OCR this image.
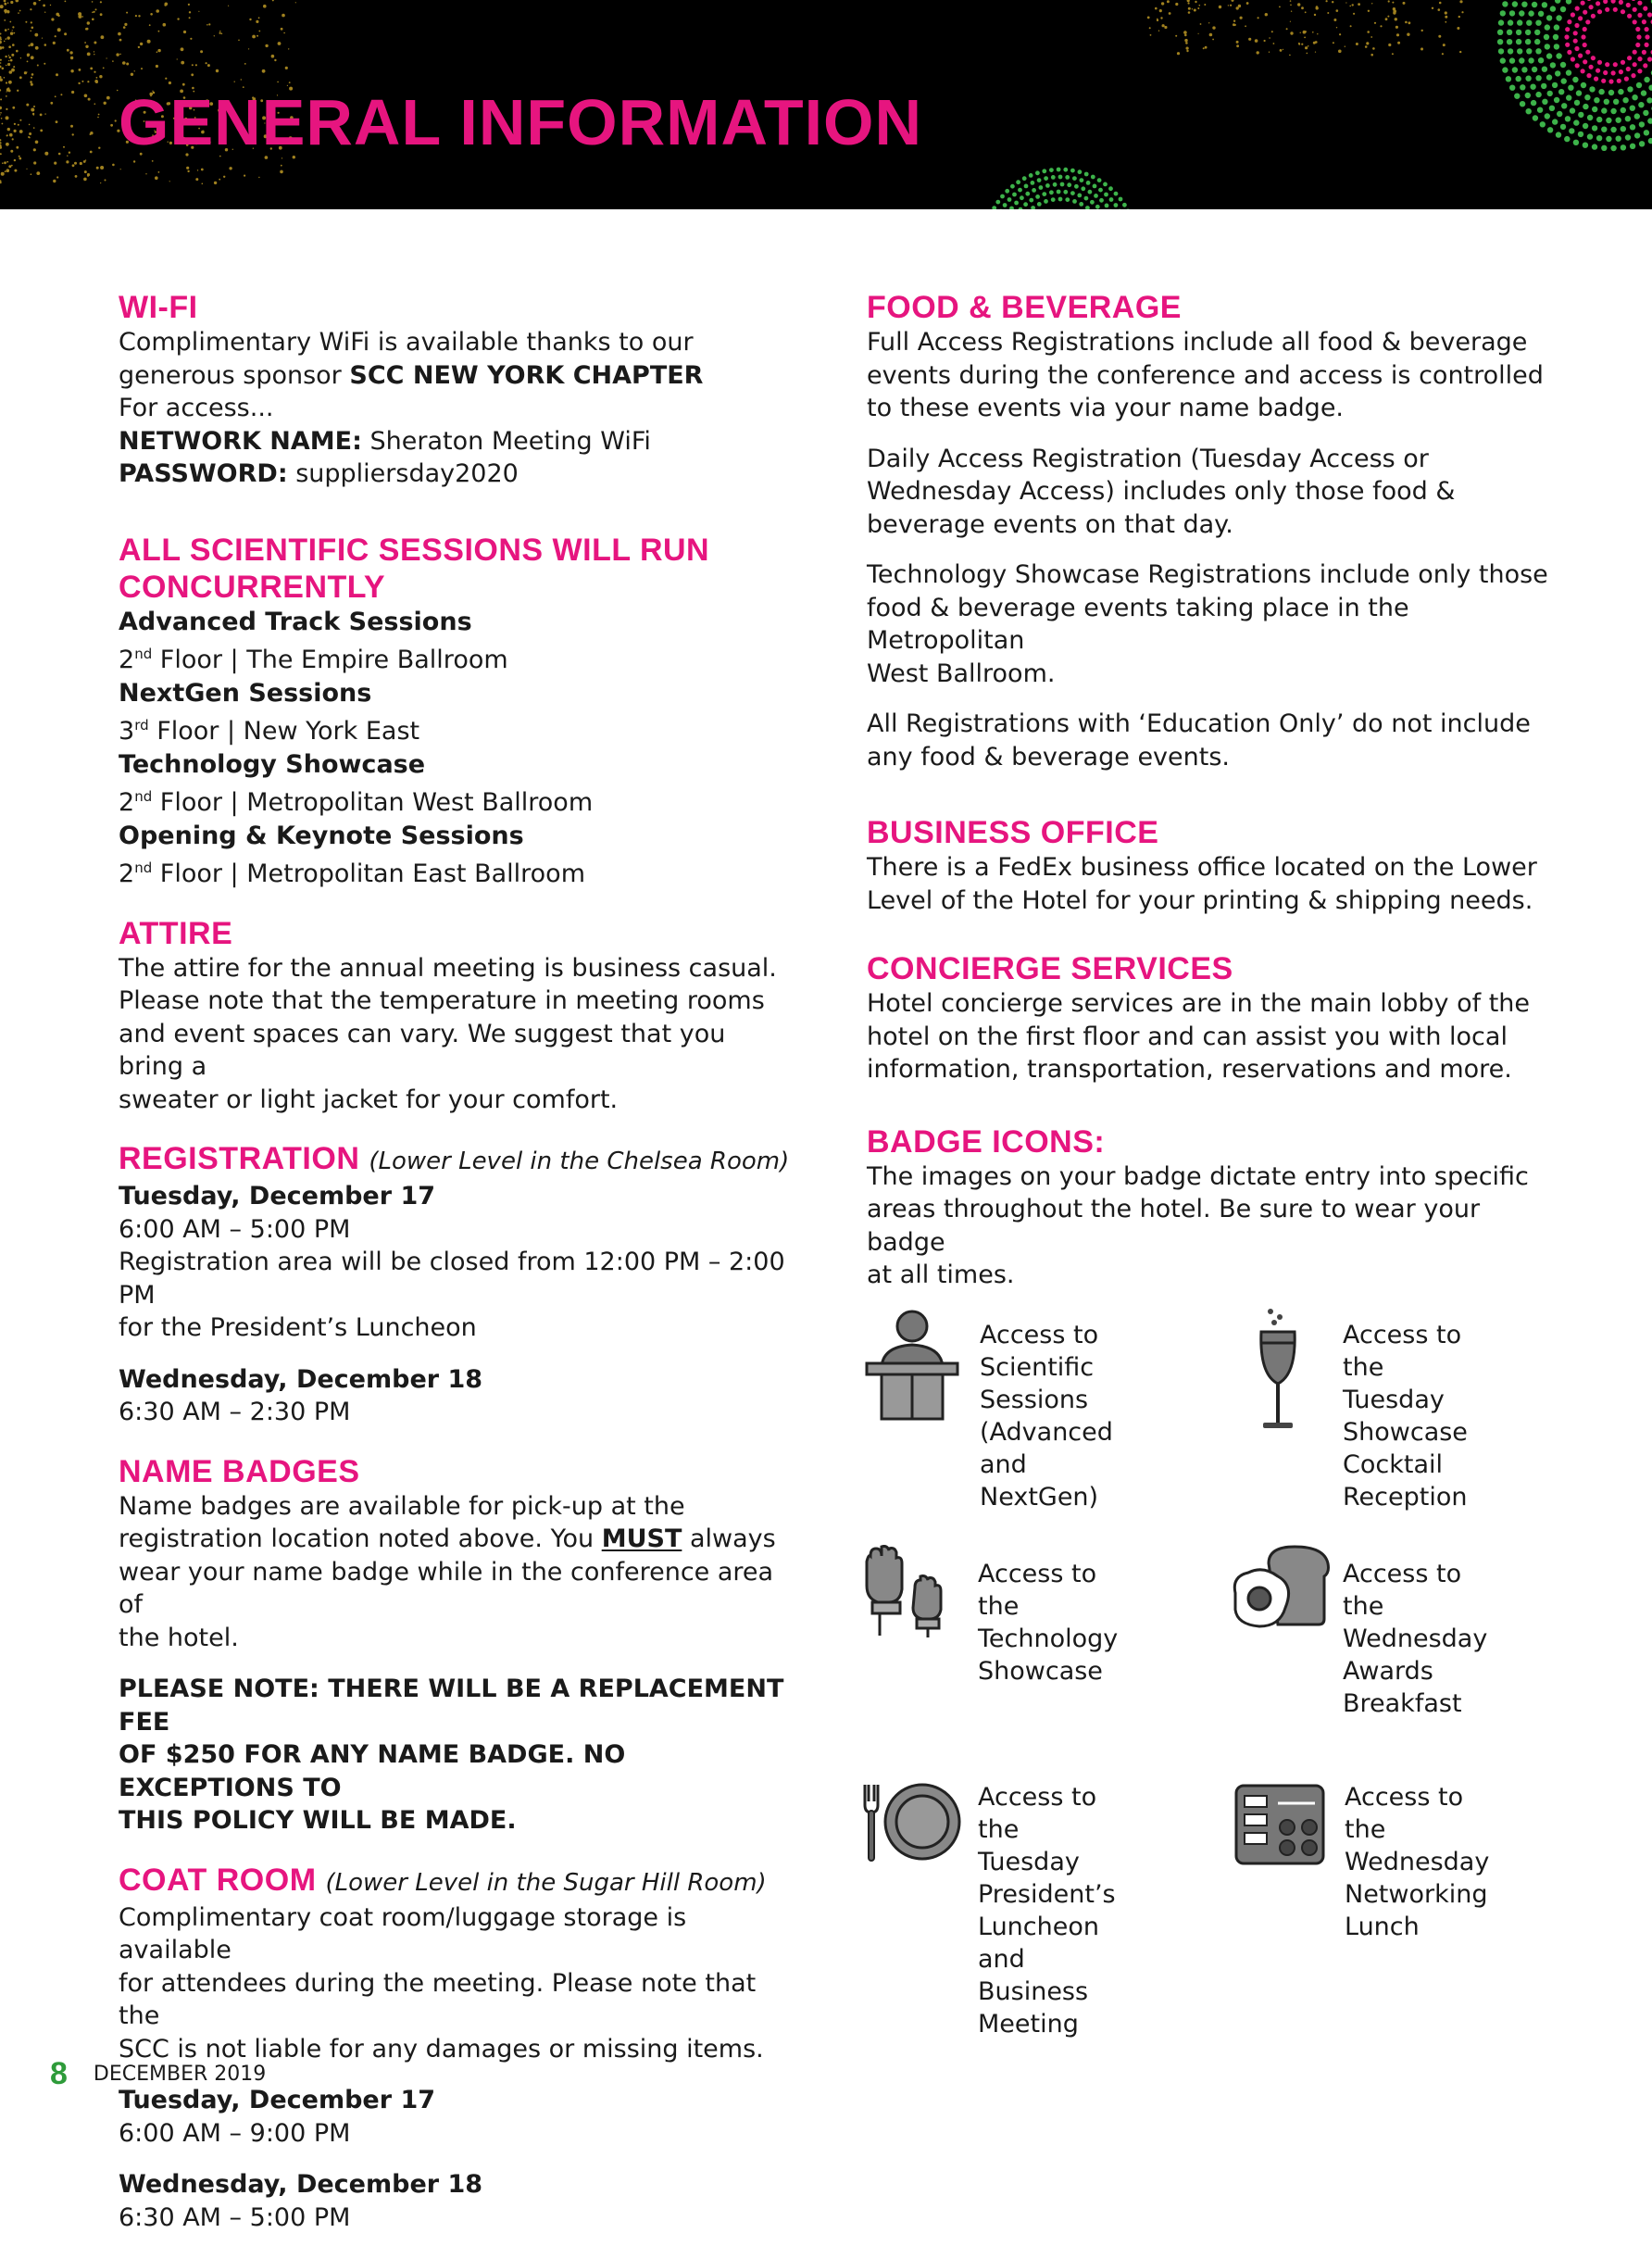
GENERAL INFORMATION
WI-FI

Complimentary WiFi is available thanks to our
generous sponsor SCC NEW YORK CHAPTER
For access...
NETWORK NAME: Sheraton Meeting WiFi
PASSWORD: suppliersday2020

ALL SCIENTIFIC SESSIONS WILL RUN
CONCURRENTLY

Advanced Track Sessions

2nd Floor | The Empire Ballroom

NextGen Sessions

3rd Floor | New York East

Technology Showcase

2nd Floor | Metropolitan West Ballroom

Opening & Keynote Sessions

2nd Floor | Metropolitan East Ballroom

ATTIRE

The attire for the annual meeting is business casual.
Please note that the temperature in meeting rooms
and event spaces can vary. We suggest that you bring a
sweater or light jacket for your comfort.

REGISTRATION (Lower Level in the Chelsea Room)

Tuesday, December 17

6:00 AM – 5:00 PM

Registration area will be closed from 12:00 PM – 2:00 PM
for the President’s Luncheon

Wednesday, December 18

6:30 AM – 2:30 PM

NAME BADGES

Name badges are available for pick-up at the
registration location noted above. You MUST always
wear your name badge while in the conference area of
the hotel.

PLEASE NOTE: THERE WILL BE A REPLACEMENT FEE
OF $250 FOR ANY NAME BADGE. NO EXCEPTIONS TO
THIS POLICY WILL BE MADE.

COAT ROOM (Lower Level in the Sugar Hill Room)

Complimentary coat room/luggage storage is available
for attendees during the meeting. Please note that the
SCC is not liable for any damages or missing items.

Tuesday, December 17

6:00 AM – 9:00 PM

Wednesday, December 18

6:30 AM – 5:00 PM

FOOD & BEVERAGE

Full Access Registrations include all food & beverage
events during the conference and access is controlled
to these events via your name badge.

Daily Access Registration (Tuesday Access or
Wednesday Access) includes only those food &
beverage events on that day.

Technology Showcase Registrations include only those
food & beverage events taking place in the Metropolitan
West Ballroom.

All Registrations with ‘Education Only’ do not include
any food & beverage events.

BUSINESS OFFICE

There is a FedEx business office located on the Lower
Level of the Hotel for your printing & shipping needs.

CONCIERGE SERVICES

Hotel concierge services are in the main lobby of the
hotel on the first floor and can assist you with local
information, transportation, reservations and more.

BADGE ICONS:

The images on your badge dictate entry into specific
areas throughout the hotel. Be sure to wear your badge
at all times.

Access to Scientific
Sessions (Advanced
and NextGen)
Access to the
Tuesday
Showcase
Cocktail
Reception
Access to the
Technology
Showcase
Access to the
Wednesday
Awards
Breakfast
Access to the
Tuesday
President’s
Luncheon and
Business Meeting
Access to the
Wednesday
Networking
Lunch
8 DECEMBER 2019
